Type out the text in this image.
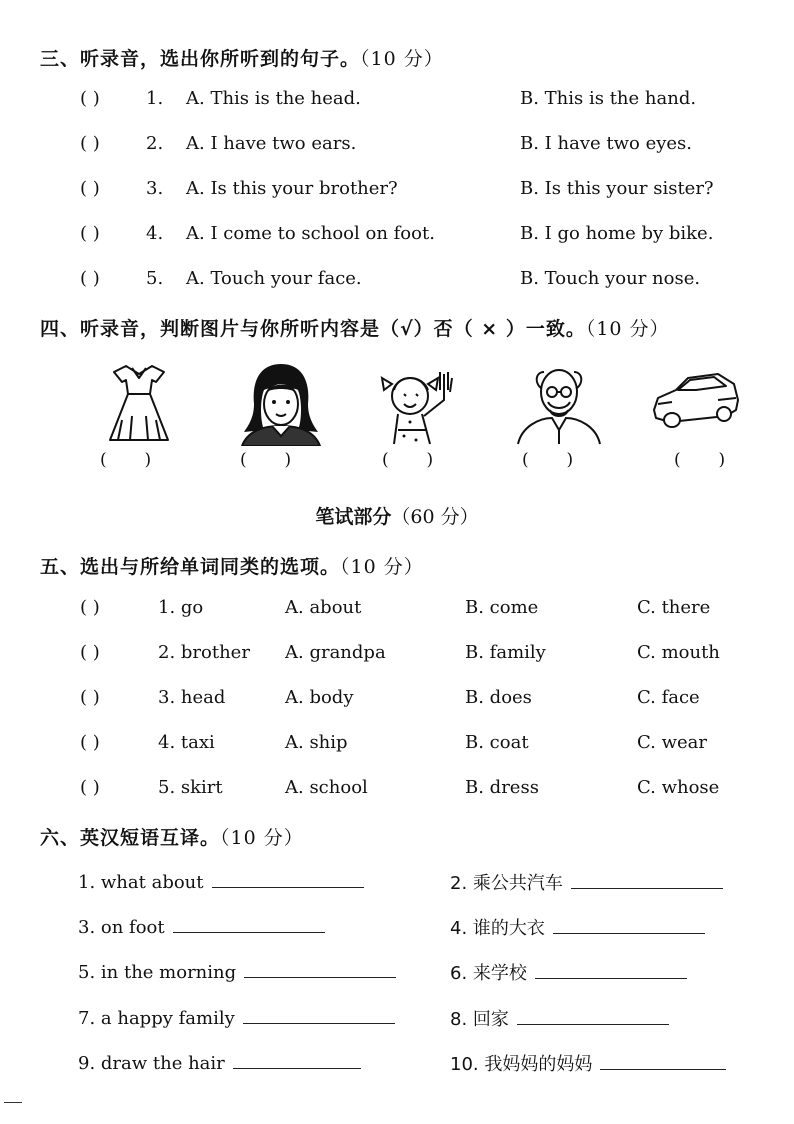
三、听录音，选出你所听到的句子。（10 分）
( )	1. A. This is the head.	B. This is the hand.
( )	2. A. I have two ears.	B. I have two eyes.
( )	3. A. Is this your brother?	B. Is this your sister?
( )	4. A. I come to school on foot.	B. I go home by bike.
( )	5. A. Touch your face.	B. Touch your nose.
四、听录音，判断图片与你所听内容是（√）否（ × ）一致。（10 分）
(       )	(       )	(       )	(       )	(       )
笔试部分（60 分）
五、选出与所给单词同类的选项。（10 分）
( )	1. go	A. about	B. come	C. there
( )	2. brother A. grandpa	B. family	C. mouth
( )	3. head	A. body	B. does	C. face
( )	4. taxi	A. ship	B. coat	C. wear
( )	5. skirt	A. school	B. dress	C. whose
六、英汉短语互译。（10 分）
1. what about	2. 乘公共汽车
3. on foot	4. 谁的大衣
5. in the morning	6. 来学校
7. a happy family	8. 回家
9. draw the hair	10. 我妈妈的妈妈
